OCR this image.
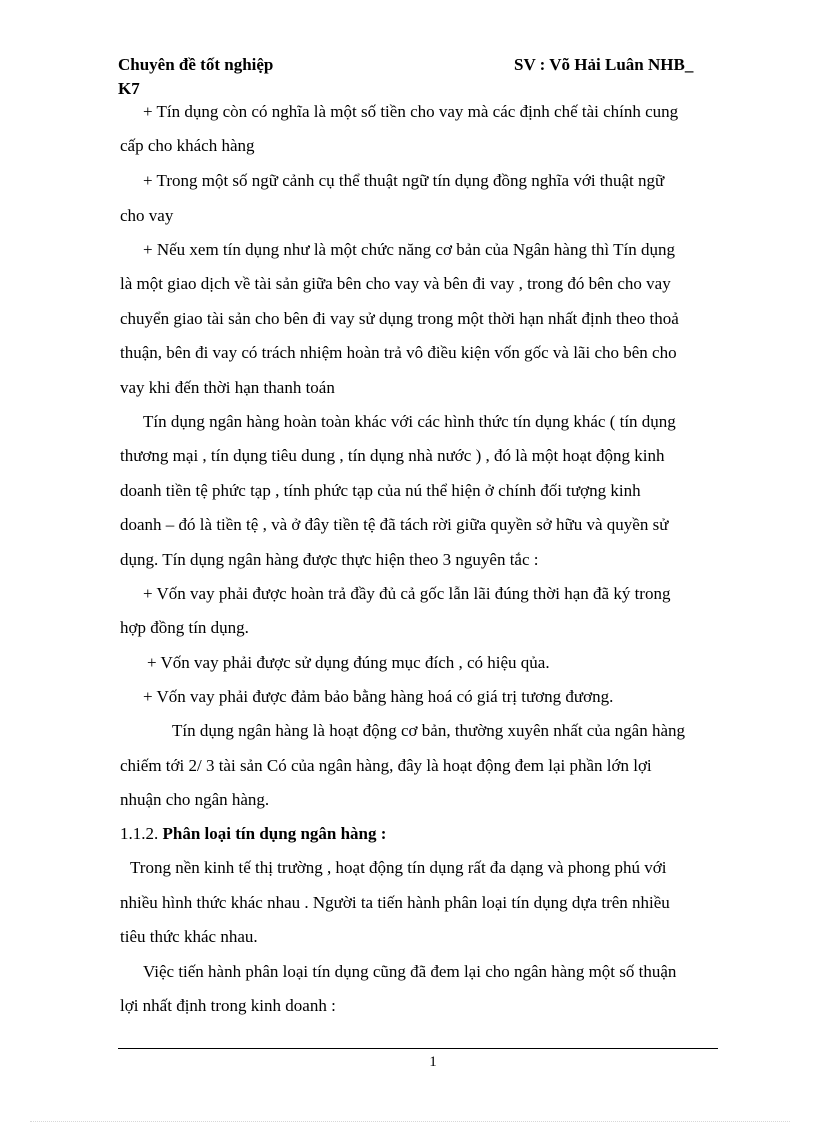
Chuyên đề tốt nghiệp	SV : Võ Hải Luân NHB_
K7
+ Tín dụng còn có nghĩa là một số tiền cho vay mà các định chế tài chính cung
cấp cho khách hàng
+ Trong một số ngữ cảnh cụ thể thuật ngữ tín dụng đồng nghĩa với thuật ngữ
cho vay
+ Nếu xem tín dụng như là một chức năng cơ bản của Ngân hàng thì Tín dụng
là một giao dịch về tài sản giữa bên cho vay và bên đi vay , trong đó bên cho vay
chuyển giao tài sản cho bên đi vay sử dụng trong một thời hạn nhất định theo thoả
thuận, bên đi vay có trách nhiệm hoàn trả vô điều kiện vốn gốc và lãi cho bên cho
vay khi đến thời hạn thanh toán
Tín dụng ngân hàng hoàn toàn khác với các hình thức tín dụng khác ( tín dụng
thương mại , tín dụng tiêu dung , tín dụng nhà nước ) , đó là một hoạt động kinh
doanh tiền tệ phức tạp , tính phức tạp của nú thể hiện ở chính đối tượng kinh
doanh – đó là tiền tệ , và ở đây tiền tệ đã tách rời giữa quyền sở hữu và quyền sử
dụng. Tín dụng ngân hàng được thực hiện theo 3 nguyên tắc :
+ Vốn vay phải được hoàn trả đầy đủ cả gốc lẫn lãi đúng thời hạn đã ký trong
hợp đồng tín dụng.
+ Vốn vay phải được sử dụng đúng mục đích , có hiệu qủa.
+ Vốn vay phải được đảm bảo bằng hàng hoá có giá trị tương đương.
Tín dụng ngân hàng là hoạt động cơ bản, thường xuyên nhất của ngân hàng
chiếm tới 2/ 3 tài sản Có của ngân hàng, đây là hoạt động đem lại phần lớn lợi
nhuận cho ngân hàng.
1.1.2. Phân loại tín dụng ngân hàng :
Trong nền kinh tế thị trường , hoạt động tín dụng rất đa dạng và phong phú với
nhiều hình thức khác nhau . Người ta tiến hành phân loại tín dụng dựa trên nhiều
tiêu thức khác nhau.
Việc tiến hành phân loại tín dụng cũng đã đem lại cho ngân hàng một số thuận
lợi nhất định trong kinh doanh :
1
